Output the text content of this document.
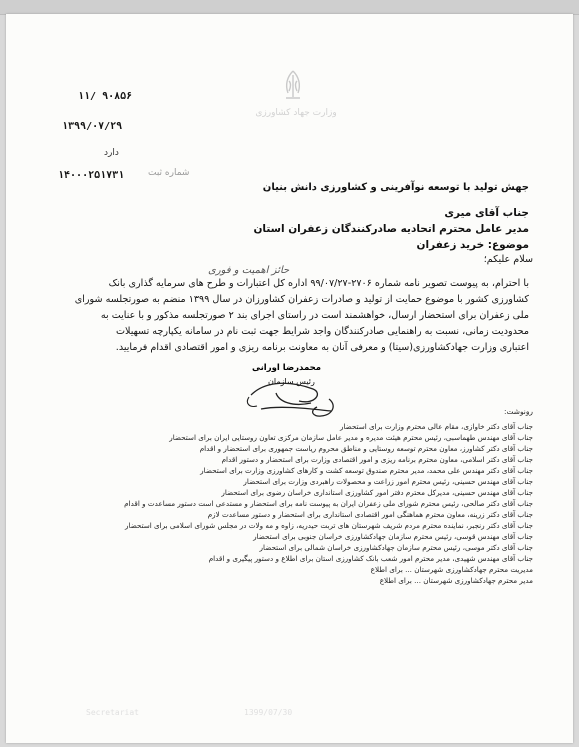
وزارت جهاد کشاورزی
۱۱/ ۹۰۸۵۶
۱۳۹۹/۰۷/۲۹
دارد
شماره ثبت
۱۴۰۰۰۲۵۱۷۳۱
جهش تولید با توسعه نوآفرینی و کشاورزی دانش بنیان
جناب آقای میری
مدیر عامل محترم اتحادیه صادرکنندگان زعفران استان
موضوع: خرید زعفران
سلام علیکم؛
حائز اهمیت و فوری
با احترام، به پیوست تصویر نامه شماره ۲۷۰۶-۹۹/۰۷/۲۷ اداره کل اعتبارات و طرح های سرمایه گذاری بانک
کشاورزی کشور با موضوع حمایت از تولید و صادرات زعفران کشاورزان در سال ۱۳۹۹ منضم به صورتجلسه شورای
ملی زعفران برای استحضار ارسال، خواهشمند است در راستای اجرای بند ۲ صورتجلسه مذکور و با عنایت به
محدودیت زمانی، نسبت به راهنمایی صادرکنندگان واجد شرایط جهت ثبت نام در سامانه یکپارچه تسهیلات
اعتباری وزارت جهادکشاورزی(سیتا) و معرفی آنان به معاونت برنامه ریزی و امور اقتصادی اقدام فرمایید.
محمدرضا اورانی
رئیس سازمان
رونوشت:
جناب آقای دکتر خاوازی، مقام عالی محترم وزارت برای استحضار
جناب آقای مهندس طهماسبی، رئیس محترم هیئت مدیره و مدیر عامل سازمان مرکزی تعاون روستایی ایران برای استحضار
جناب آقای دکتر کشاورز، معاون محترم توسعه روستایی و مناطق محروم ریاست جمهوری برای استحضار و اقدام
جناب آقای دکتر اسلامی، معاون محترم برنامه ریزی و امور اقتصادی وزارت برای استحضار و دستور اقدام
جناب آقای دکتر مهندس علی محمد، مدیر محترم صندوق توسعه کشت و کارهای کشاورزی وزارت برای استحضار
جناب آقای مهندس حسینی، رئیس محترم امور زراعت و محصولات راهبردی وزارت برای استحضار
جناب آقای مهندس حسینی، مدیرکل محترم دفتر امور کشاورزی استانداری خراسان رضوی برای استحضار
جناب آقای دکتر صالحی، رئیس محترم شورای ملی زعفران ایران به پیوست نامه برای استحضار و مستدعی است دستور مساعدت و اقدام
جناب آقای دکتر زرینه، معاون محترم هماهنگی امور اقتصادی استانداری برای استحضار و دستور مساعدت لازم
جناب آقای دکتر رنجبر، نماینده محترم مردم شریف شهرستان های تربت حیدریه، زاوه و مه ولات در مجلس شورای اسلامی برای استحضار
جناب آقای مهندس قوسی، رئیس محترم سازمان جهادکشاورزی خراسان جنوبی برای استحضار
جناب آقای دکتر موسی، رئیس محترم سازمان جهادکشاورزی خراسان شمالی برای استحضار
جناب آقای مهندس شهیدی، مدیر محترم امور شعب بانک کشاورزی استان برای اطلاع و دستور پیگیری و اقدام
مدیریت محترم جهادکشاورزی شهرستان ... برای اطلاع
مدیر محترم جهادکشاورزی شهرستان ... برای اطلاع
Secretariat	1399/07/30
